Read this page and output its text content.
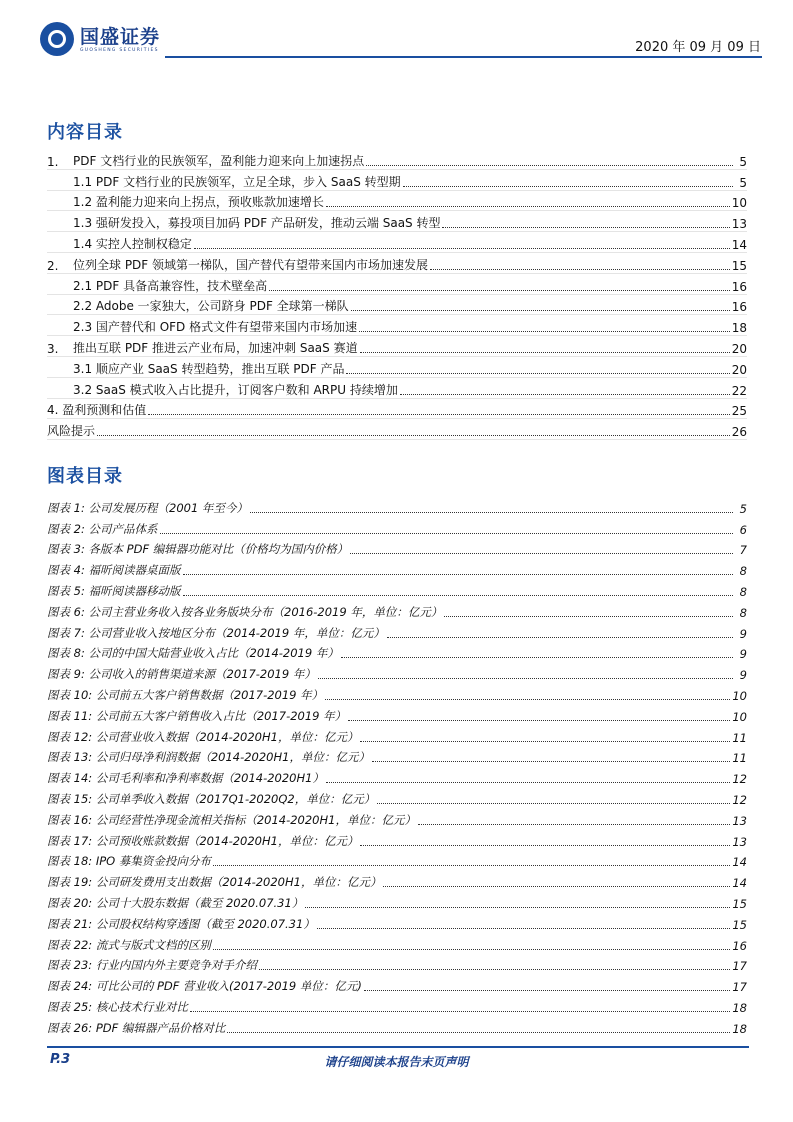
国盛证券
GUOSHENG SECURITIES	2020 年 09 月 09 日
内容目录
1.	PDF 文档行业的民族领军，盈利能力迎来向上加速拐点	5
1.1 PDF 文档行业的民族领军，立足全球，步入 SaaS 转型期	5
1.2 盈利能力迎来向上拐点，预收账款加速增长	10
1.3 强研发投入，募投项目加码 PDF 产品研发，推动云端 SaaS 转型	13
1.4 实控人控制权稳定	14
2.	位列全球 PDF 领域第一梯队，国产替代有望带来国内市场加速发展	15
2.1 PDF 具备高兼容性，技术壁垒高	16
2.2 Adobe 一家独大，公司跻身 PDF 全球第一梯队	16
2.3 国产替代和 OFD 格式文件有望带来国内市场加速	18
3.	推出互联 PDF 推进云产业布局，加速冲刺 SaaS 赛道	20
3.1 顺应产业 SaaS 转型趋势，推出互联 PDF 产品	20
3.2 SaaS 模式收入占比提升，订阅客户数和 ARPU 持续增加	22
4. 盈利预测和估值	25
风险提示	26
图表目录
图表 1: 公司发展历程（2001 年至今）	5
图表 2: 公司产品体系	6
图表 3: 各版本 PDF 编辑器功能对比（价格均为国内价格）	7
图表 4: 福昕阅读器桌面版	8
图表 5: 福昕阅读器移动版	8
图表 6: 公司主营业务收入按各业务版块分布（2016-2019 年，单位：亿元）	8
图表 7: 公司营业收入按地区分布（2014-2019 年，单位：亿元）	9
图表 8: 公司的中国大陆营业收入占比（2014-2019 年）	9
图表 9: 公司收入的销售渠道来源（2017-2019 年）	9
图表 10: 公司前五大客户销售数据（2017-2019 年）	10
图表 11: 公司前五大客户销售收入占比（2017-2019 年）	10
图表 12: 公司营业收入数据（2014-2020H1，单位：亿元）	11
图表 13: 公司归母净利润数据（2014-2020H1，单位：亿元）	11
图表 14: 公司毛利率和净利率数据（2014-2020H1）	12
图表 15: 公司单季收入数据（2017Q1-2020Q2，单位：亿元）	12
图表 16: 公司经营性净现金流相关指标（2014-2020H1，单位：亿元）	13
图表 17: 公司预收账款数据（2014-2020H1，单位：亿元）	13
图表 18: IPO 募集资金投向分布	14
图表 19: 公司研发费用支出数据（2014-2020H1，单位：亿元）	14
图表 20: 公司十大股东数据（截至 2020.07.31）	15
图表 21: 公司股权结构穿透图（截至 2020.07.31）	15
图表 22: 流式与版式文档的区别	16
图表 23: 行业内国内外主要竞争对手介绍	17
图表 24: 可比公司的 PDF 营业收入(2017-2019 单位：亿元)	17
图表 25: 核心技术行业对比	18
图表 26: PDF 编辑器产品价格对比	18
P.3	请仔细阅读本报告末页声明
